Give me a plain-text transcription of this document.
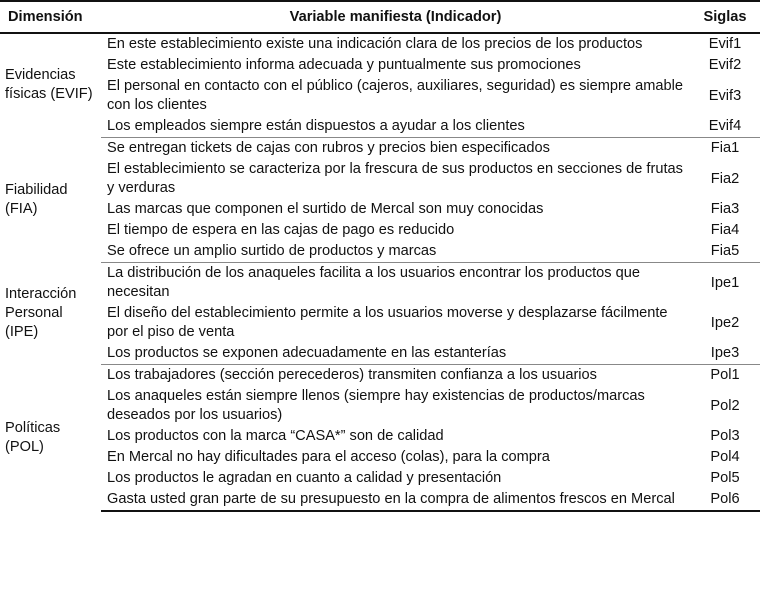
Dimensión	Variable manifiesta (Indicador)	Siglas
Evidencias físicas (EVIF)	En este establecimiento existe una indicación clara de los precios de los productos	Evif1
	Este establecimiento informa adecuada y puntualmente sus promociones	Evif2
	El personal en contacto con el público (cajeros, auxiliares, seguridad) es siempre amable con los clientes	Evif3
	Los empleados siempre están dispuestos a ayudar a los clientes	Evif4
Fiabilidad (FIA)	Se entregan tickets de cajas con rubros y precios bien especificados	Fia1
	El establecimiento se caracteriza por la frescura de sus productos en secciones de frutas y verduras	Fia2
	Las marcas que componen el surtido de Mercal son muy conocidas	Fia3
	El tiempo de espera en las cajas de pago es reducido	Fia4
	Se ofrece un amplio surtido de productos y marcas	Fia5
Interacción Personal (IPE)	La distribución de los anaqueles facilita a los usuarios encontrar los productos que necesitan	Ipe1
	El diseño del establecimiento permite a los usuarios moverse y desplazarse fácilmente por el piso de venta	Ipe2
	Los productos se exponen adecuadamente en las estanterías	Ipe3
Políticas (POL)	Los trabajadores (sección perecederos) transmiten confianza a los usuarios	Pol1
	Los anaqueles están siempre llenos (siempre hay existencias de productos/marcas deseados por los usuarios)	Pol2
	Los productos con la marca “CASA*” son de calidad	Pol3
	En Mercal no hay dificultades para el acceso (colas), para la compra	Pol4
	Los productos le agradan en cuanto a calidad y presentación	Pol5
	Gasta usted gran parte de su presupuesto en la compra de alimentos frescos en Mercal	Pol6
